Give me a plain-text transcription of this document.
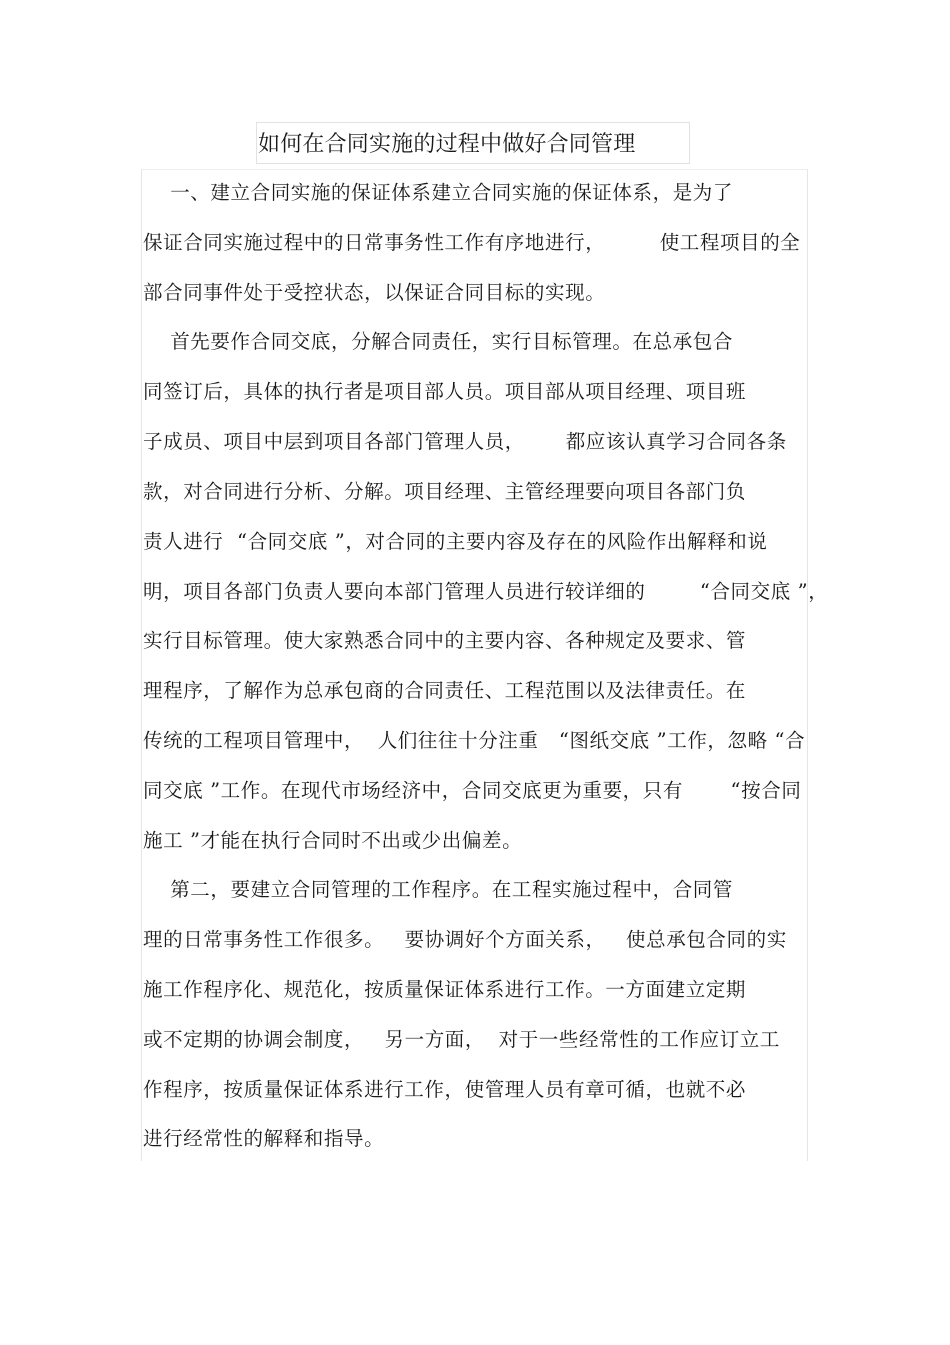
如何在合同实施的过程中做好合同管理
一、建立合同实施的保证体系建立合同实施的保证体系，是为了
保证合同实施过程中的日常事务性工作有序地进行，        使工程项目的全
部合同事件处于受控状态，以保证合同目标的实现。
首先要作合同交底，分解合同责任，实行目标管理。在总承包合
同签订后，具体的执行者是项目部人员。项目部从项目经理、项目班
子成员、项目中层到项目各部门管理人员，      都应该认真学习合同各条
款，对合同进行分析、分解。项目经理、主管经理要向项目各部门负
责人进行  “合同交底 ”，对合同的主要内容及存在的风险作出解释和说
明，项目各部门负责人要向本部门管理人员进行较详细的        “合同交底 ”，
实行目标管理。使大家熟悉合同中的主要内容、各种规定及要求、管
理程序，了解作为总承包商的合同责任、工程范围以及法律责任。在
传统的工程项目管理中，  人们往往十分注重   “图纸交底 ”工作，忽略 “合
同交底 ”工作。在现代市场经济中，合同交底更为重要，只有       “按合同
施工 ”才能在执行合同时不出或少出偏差。
第二，要建立合同管理的工作程序。在工程实施过程中，合同管
理的日常事务性工作很多。   要协调好个方面关系，   使总承包合同的实
施工作程序化、规范化，按质量保证体系进行工作。一方面建立定期
或不定期的协调会制度，   另一方面，  对于一些经常性的工作应订立工
作程序，按质量保证体系进行工作，使管理人员有章可循，也就不必
进行经常性的解释和指导。
